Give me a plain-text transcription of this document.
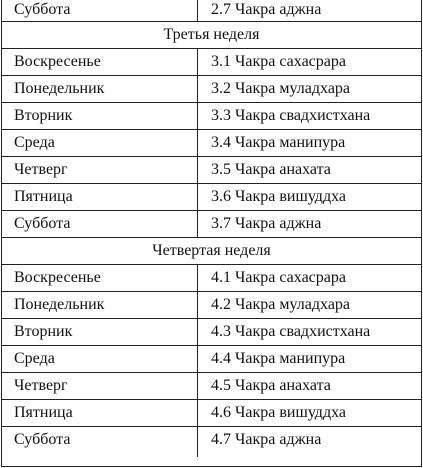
Суббота	2.7 Чакра аджна
Третья неделя
Воскресенье	3.1 Чакра сахасрара
Понедельник	3.2 Чакра муладхара
Вторник	3.3 Чакра свадхистхана
Среда	3.4 Чакра манипура
Четверг	3.5 Чакра анахата
Пятница	3.6 Чакра вишуддха
Суббота	3.7 Чакра аджна
Четвертая неделя
Воскресенье	4.1 Чакра сахасрара
Понедельник	4.2 Чакра муладхара
Вторник	4.3 Чакра свадхистхана
Среда	4.4 Чакра манипура
Четверг	4.5 Чакра анахата
Пятница	4.6 Чакра вишуддха
Суббота	4.7 Чакра аджна
